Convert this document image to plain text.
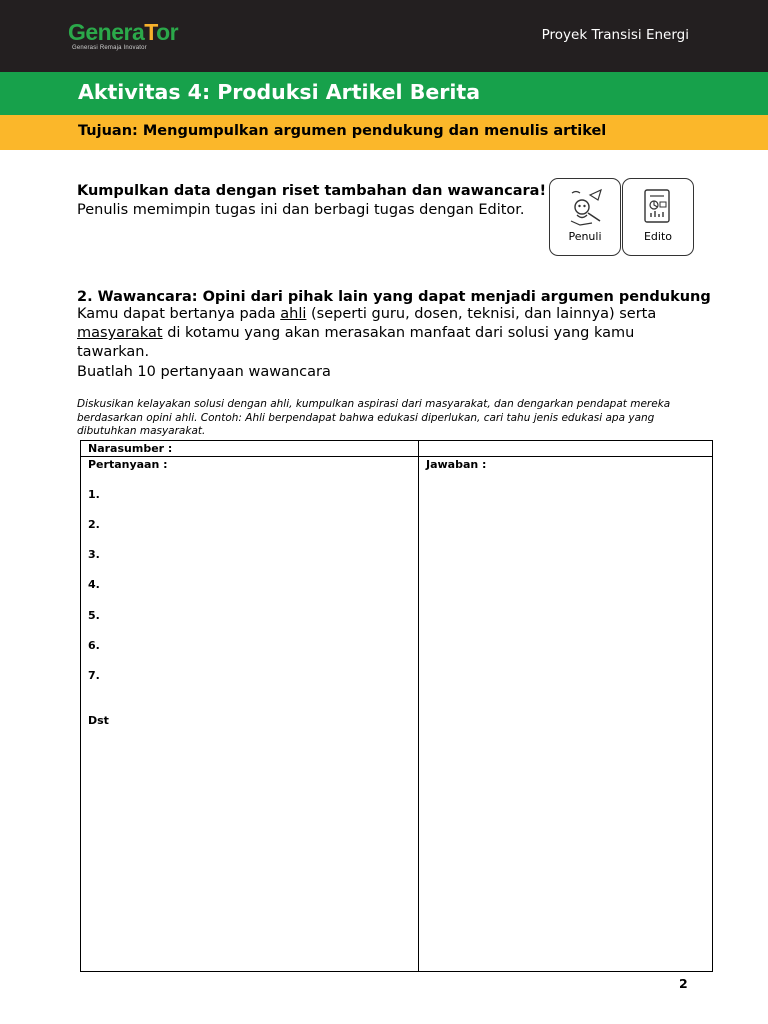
GeneraTor
Generasi Remaja Inovator
Proyek Transisi Energi
Aktivitas 4: Produksi Artikel Berita
Tujuan: Mengumpulkan argumen pendukung dan menulis artikel
Kumpulkan data dengan riset tambahan dan wawancara!
Penulis memimpin tugas ini dan berbagi tugas dengan Editor.
Penuli	Edito
2. Wawancara: Opini dari pihak lain yang dapat menjadi argumen pendukung
Kamu dapat bertanya pada ahli (seperti guru, dosen, teknisi, dan lainnya) serta
masyarakat di kotamu yang akan merasakan manfaat dari solusi yang kamu
tawarkan.
Buatlah 10 pertanyaan wawancara
Diskusikan kelayakan solusi dengan ahli, kumpulkan aspirasi dari masyarakat, dan dengarkan pendapat mereka berdasarkan opini ahli. Contoh: Ahli berpendapat bahwa edukasi diperlukan, cari tahu jenis edukasi apa yang dibutuhkan masyarakat.
Narasumber :	
Pertanyaan :	Jawaban :
1.
2.
3.
4.
5.
6.
7.
Dst
2
